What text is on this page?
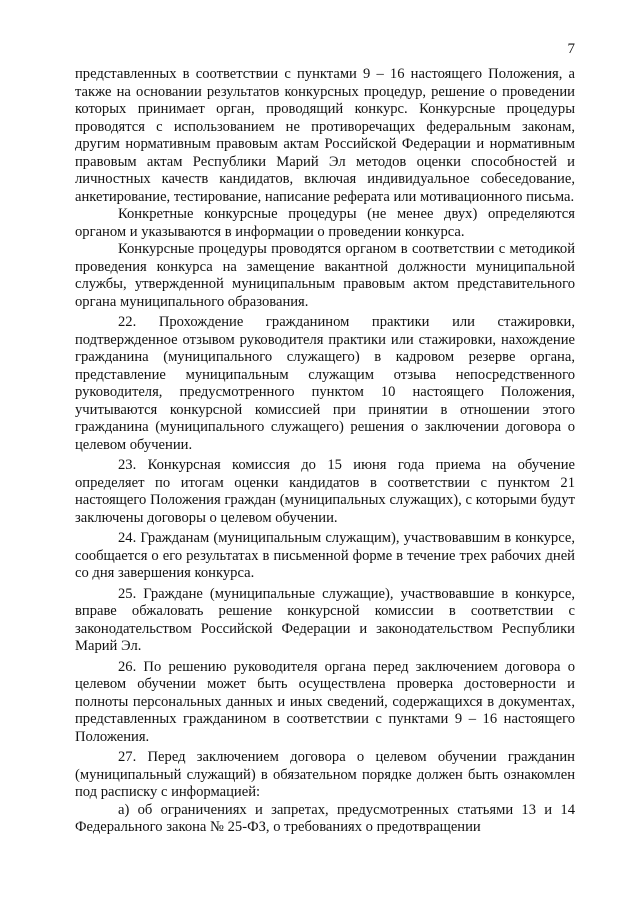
7

представленных в соответствии с пунктами 9 – 16 настоящего Положения, а также на основании результатов конкурсных процедур, решение о проведении которых принимает орган, проводящий конкурс. Конкурсные процедуры проводятся с использованием не противоречащих федеральным законам, другим нормативным правовым актам Российской Федерации и нормативным правовым актам Республики Марий Эл методов оценки способностей и личностных качеств кандидатов, включая индивидуальное собеседование, анкетирование, тестирование, написание реферата или мотивационного письма.

Конкретные конкурсные процедуры (не менее двух) определяются органом и указываются в информации о проведении конкурса.

Конкурсные процедуры проводятся органом в соответствии с методикой проведения конкурса на замещение вакантной должности муниципальной службы, утвержденной муниципальным правовым актом представительного органа муниципального образования.

22. Прохождение гражданином практики или стажировки, подтвержденное отзывом руководителя практики или стажировки, нахождение гражданина (муниципального служащего) в кадровом резерве органа, представление муниципальным служащим отзыва непосредственного руководителя, предусмотренного пунктом 10 настоящего Положения, учитываются конкурсной комиссией при принятии в отношении этого гражданина (муниципального служащего) решения о заключении договора о целевом обучении.

23. Конкурсная комиссия до 15 июня года приема на обучение определяет по итогам оценки кандидатов в соответствии с пунктом 21 настоящего Положения граждан (муниципальных служащих), с которыми будут заключены договоры о целевом обучении.

24. Гражданам (муниципальным служащим), участвовавшим в конкурсе, сообщается о его результатах в письменной форме в течение трех рабочих дней со дня завершения конкурса.

25. Граждане (муниципальные служащие), участвовавшие в конкурсе, вправе обжаловать решение конкурсной комиссии в соответствии с законодательством Российской Федерации и законодательством Республики Марий Эл.

26. По решению руководителя органа перед заключением договора о целевом обучении может быть осуществлена проверка достоверности и полноты персональных данных и иных сведений, содержащихся в документах, представленных гражданином в соответствии с пунктами 9 – 16 настоящего Положения.

27. Перед заключением договора о целевом обучении гражданин (муниципальный служащий) в обязательном порядке должен быть ознакомлен под расписку с информацией:

а) об ограничениях и запретах, предусмотренных статьями 13 и 14 Федерального закона № 25-ФЗ, о требованиях о предотвращении
